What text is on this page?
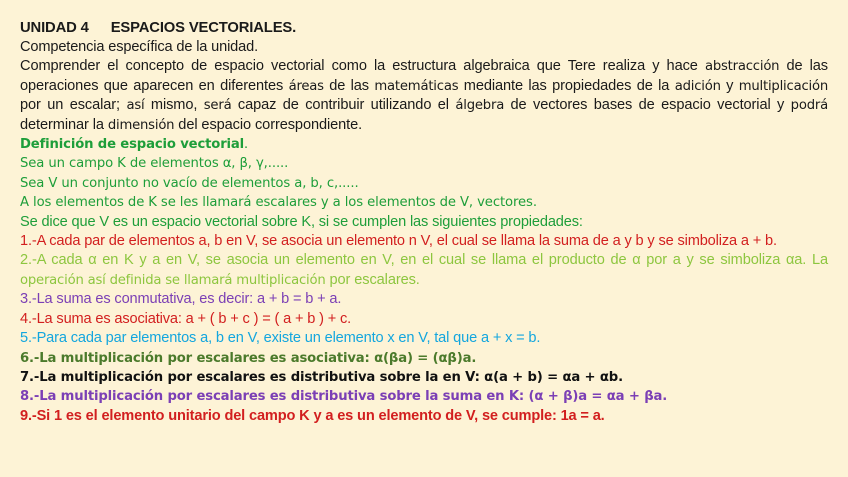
UNIDAD 4 ESPACIOS VECTORIALES.
Competencia específica de la unidad.
Comprender el concepto de espacio vectorial como la estructura algebraica que Tere realiza y hace abstracción de las operaciones que aparecen en diferentes áreas de las matemáticas mediante las propiedades de la adición y multiplicación por un escalar; así mismo, será capaz de contribuir utilizando el álgebra de vectores bases de espacio vectorial y podrá determinar la dimensión del espacio correspondiente.
Definición de espacio vectorial.
Sea un campo K de elementos α, β, γ,.....
Sea V un conjunto no vacío de elementos a, b, c,.....
A los elementos de K se les llamará escalares y a los elementos de V, vectores.
Se dice que V es un espacio vectorial sobre K, si se cumplen las siguientes propiedades:
1.-A cada par de elementos a, b en V, se asocia un elemento n V, el cual se llama la suma de a y b y se simboliza a + b.
2.-A cada α en K y a en V, se asocia un elemento en V, en el cual se llama el producto de α por a y se simboliza αa. La operación así definida se llamará multiplicación por escalares.
3.-La suma es conmutativa, es decir: a + b = b + a.
4.-La suma es asociativa: a + ( b + c ) = ( a + b ) + c.
5.-Para cada par elementos a, b en V, existe un elemento x en V, tal que a + x = b.
6.-La multiplicación por escalares es asociativa: α(βa) = (αβ)a.
7.-La multiplicación por escalares es distributiva sobre la en V: α(a + b) = αa + αb.
8.-La multiplicación por escalares es distributiva sobre la suma en K: (α + β)a = αa + βa.
9.-Si 1 es el elemento unitario del campo K y a es un elemento de V, se cumple: 1a = a.
